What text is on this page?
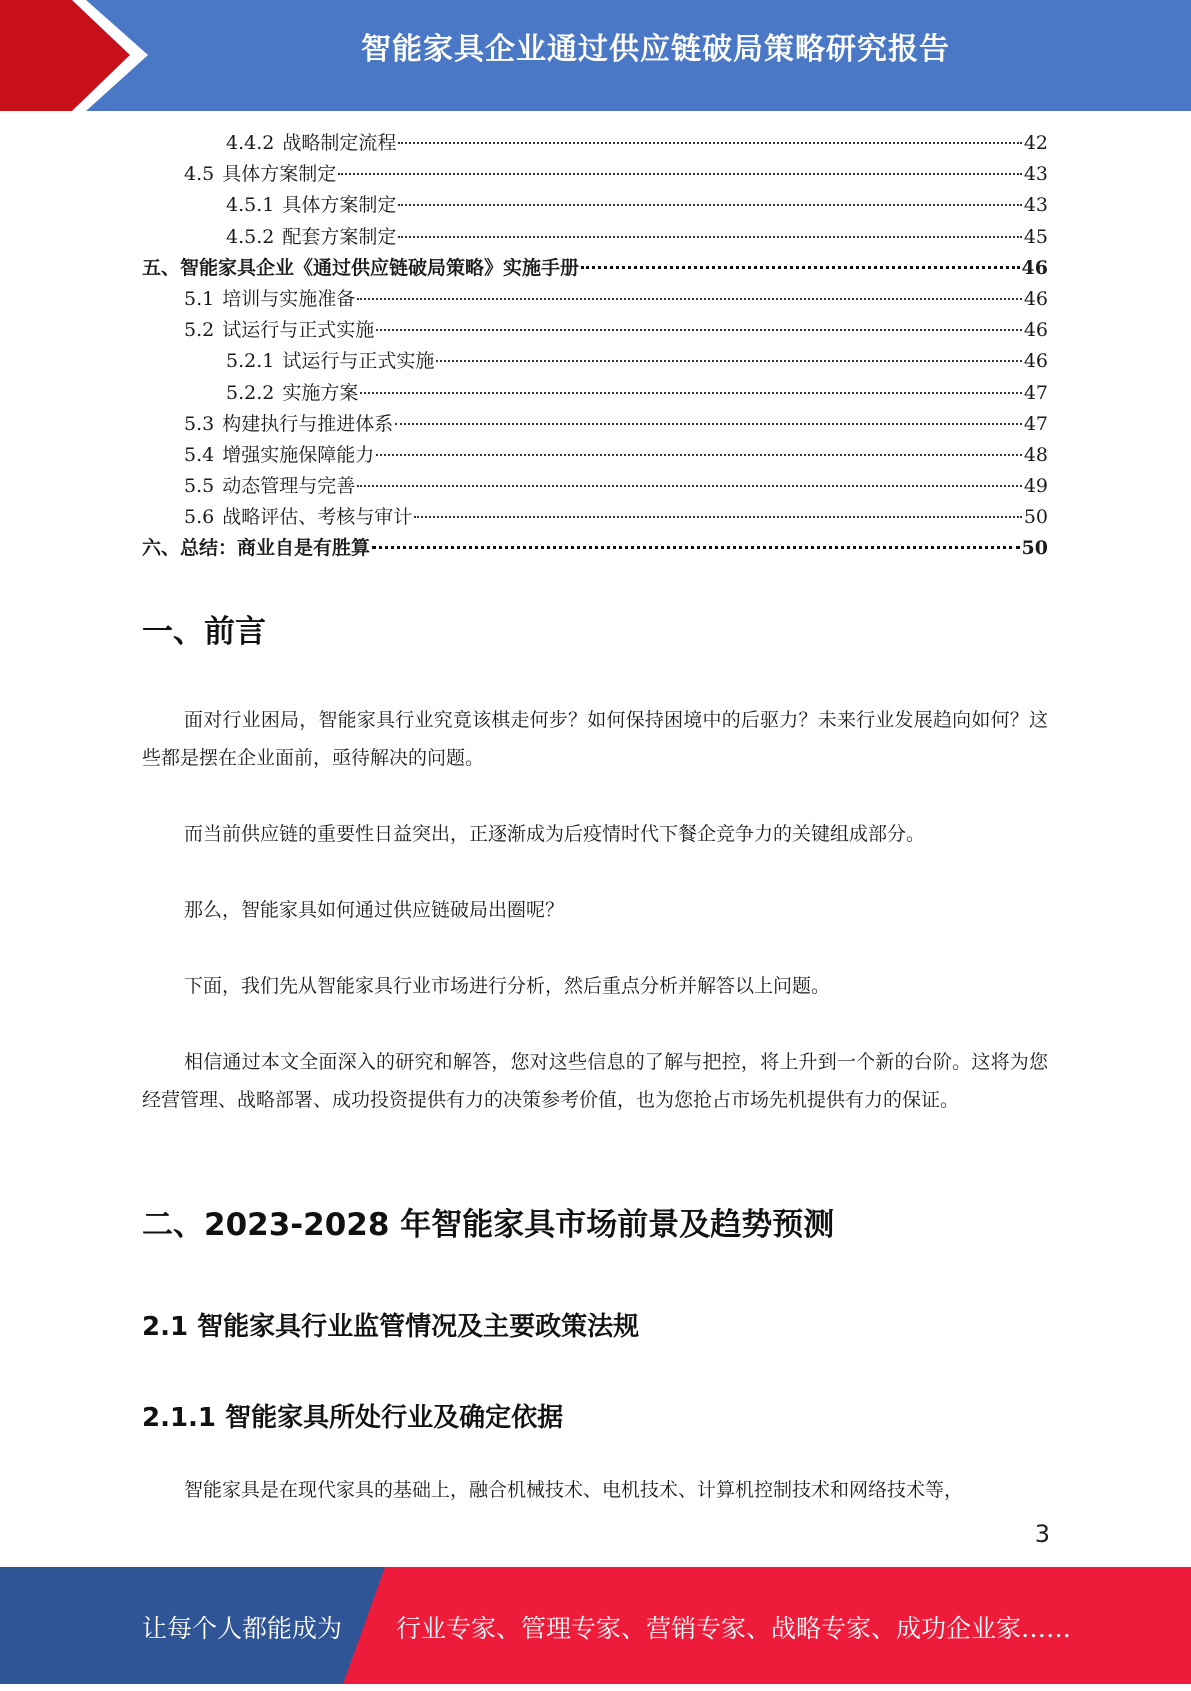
智能家具企业通过供应链破局策略研究报告
4.4.2 战略制定流程	42
4.5 具体方案制定	43
4.5.1 具体方案制定	43
4.5.2 配套方案制定	45
五、智能家具企业《通过供应链破局策略》实施手册	46
5.1 培训与实施准备	46
5.2 试运行与正式实施	46
5.2.1 试运行与正式实施	46
5.2.2 实施方案	47
5.3 构建执行与推进体系	47
5.4 增强实施保障能力	48
5.5 动态管理与完善	49
5.6 战略评估、考核与审计	50
六、总结：商业自是有胜算	50
一、前言
面对行业困局，智能家具行业究竟该棋走何步？如何保持困境中的后驱力？未来行业发展趋向如何？这些都是摆在企业面前，亟待解决的问题。
而当前供应链的重要性日益突出，正逐渐成为后疫情时代下餐企竞争力的关键组成部分。
那么，智能家具如何通过供应链破局出圈呢？
下面，我们先从智能家具行业市场进行分析，然后重点分析并解答以上问题。
相信通过本文全面深入的研究和解答，您对这些信息的了解与把控，将上升到一个新的台阶。这将为您经营管理、战略部署、成功投资提供有力的决策参考价值，也为您抢占市场先机提供有力的保证。
二、2023-2028 年智能家具市场前景及趋势预测
2.1 智能家具行业监管情况及主要政策法规
2.1.1 智能家具所处行业及确定依据
智能家具是在现代家具的基础上，融合机械技术、电机技术、计算机控制技术和网络技术等，
3
让每个人都能成为 行业专家、管理专家、营销专家、战略专家、成功企业家……
